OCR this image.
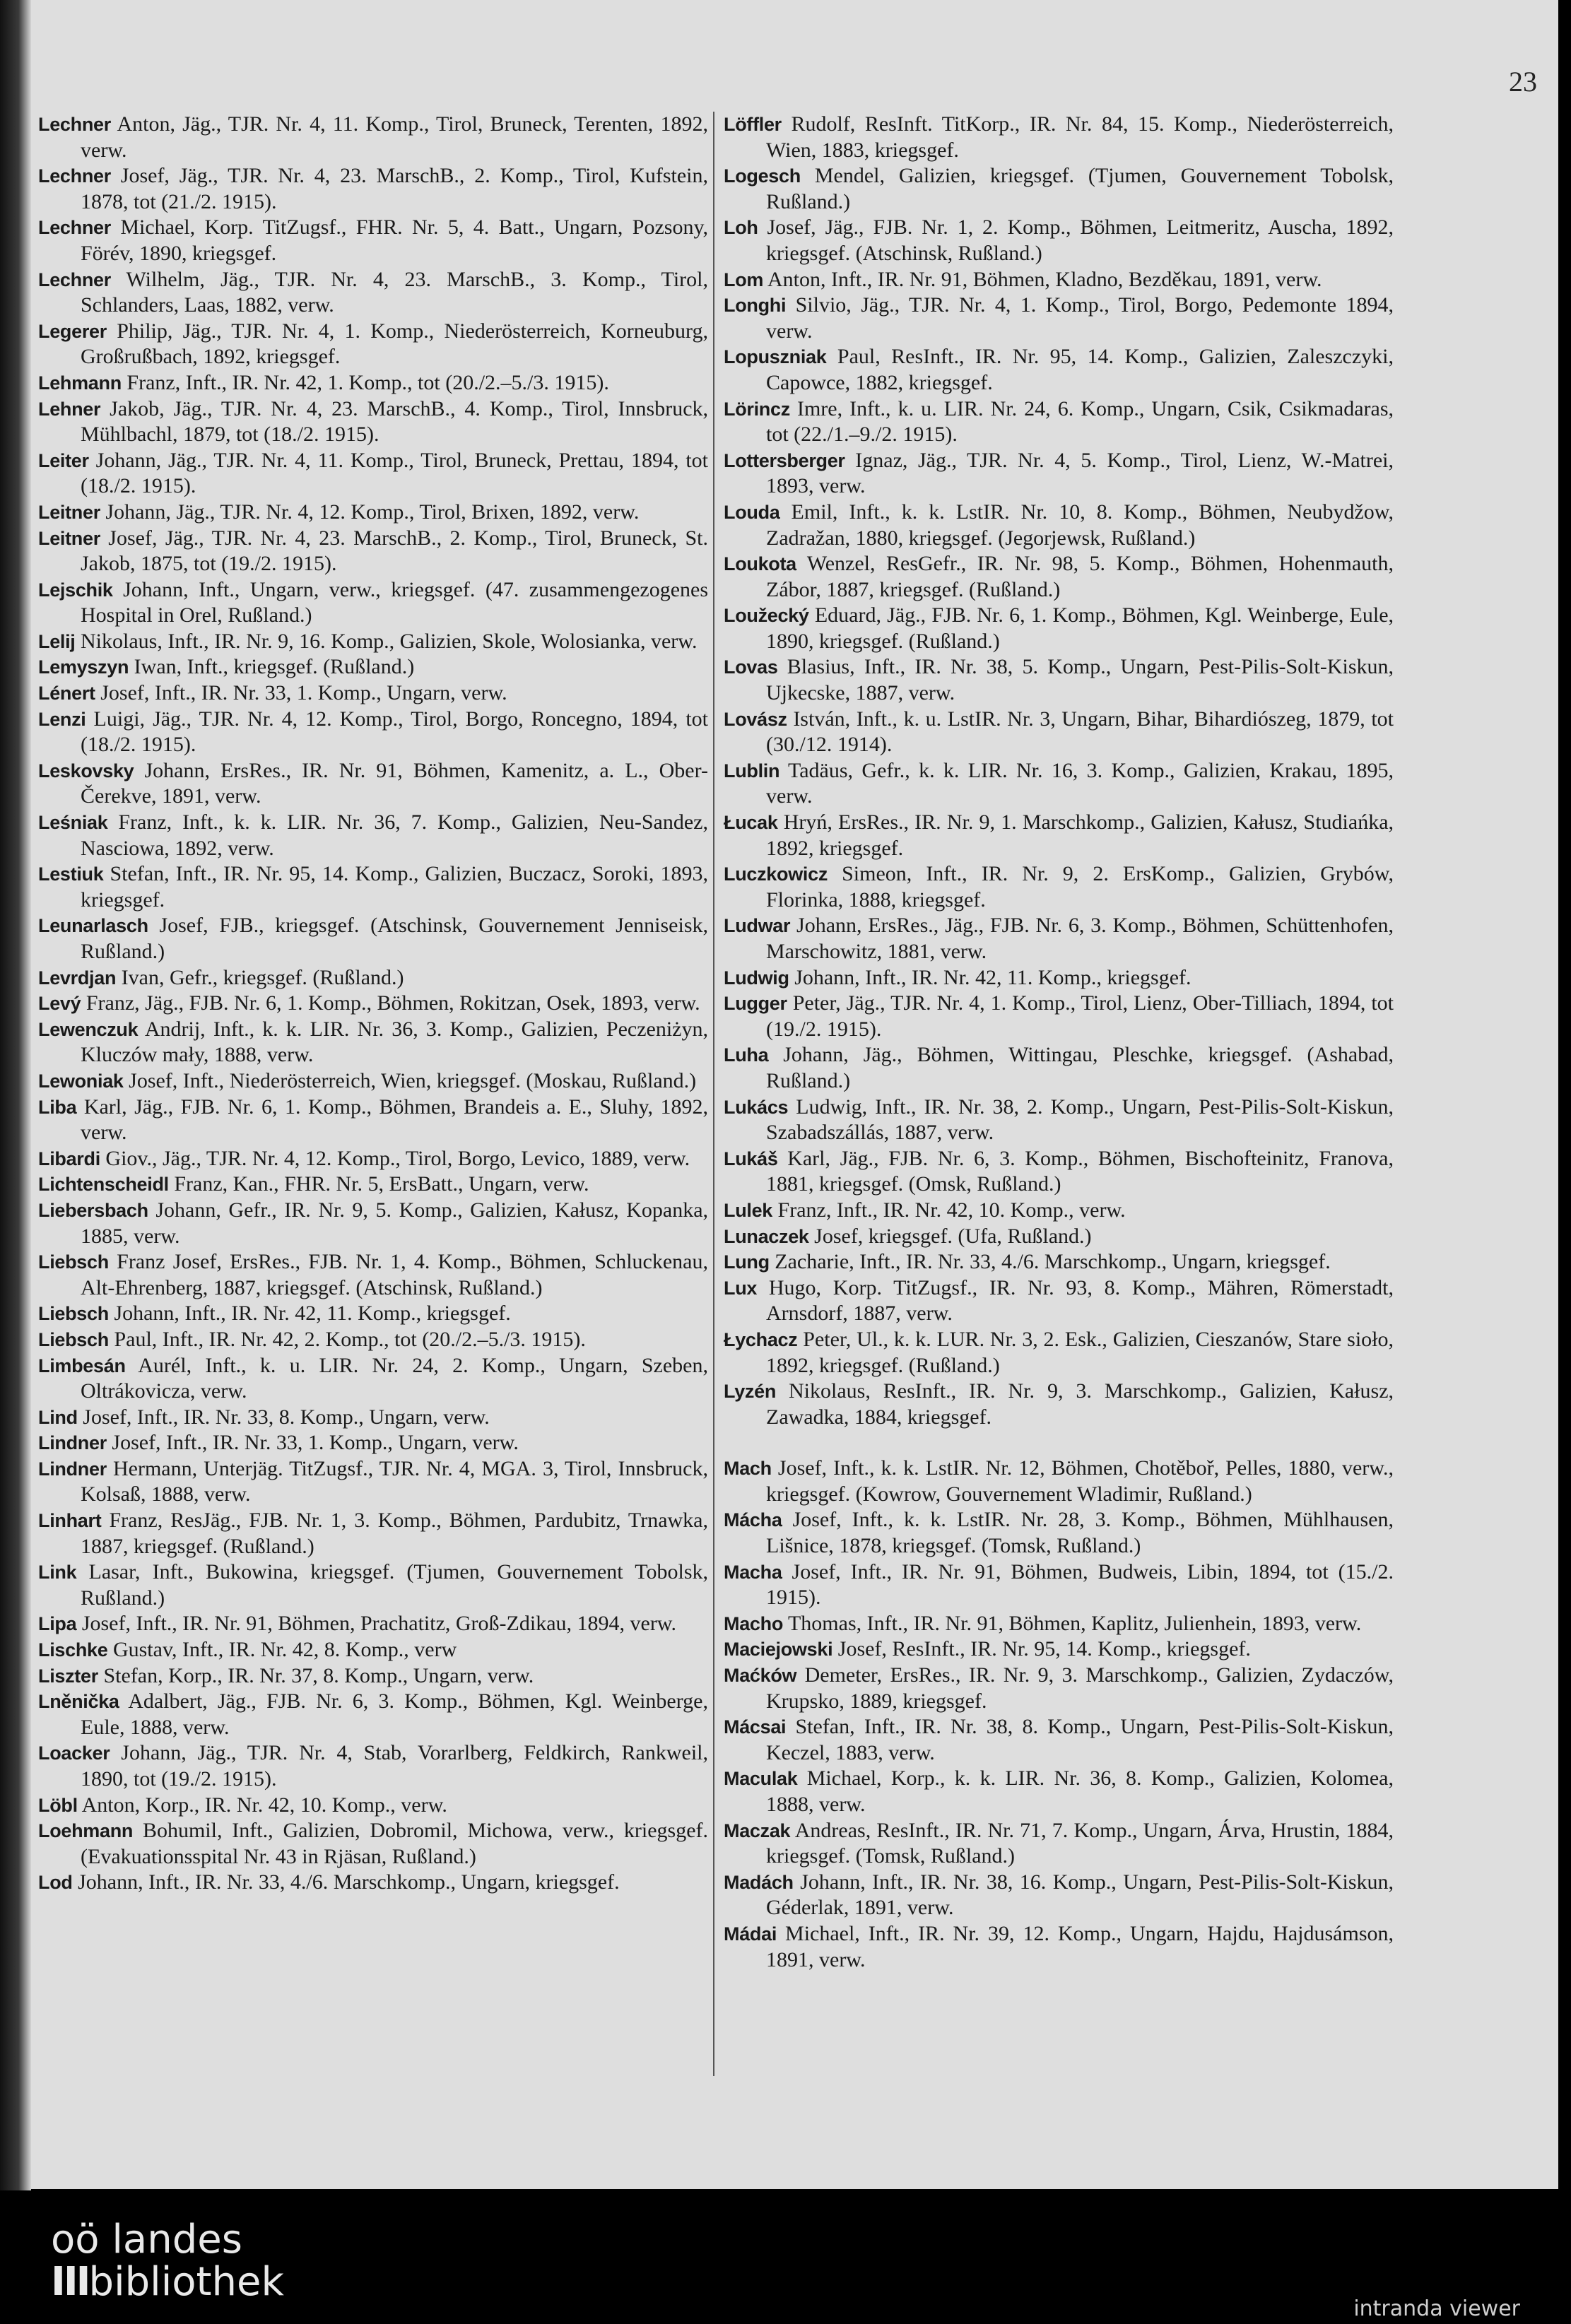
23

Lechner Anton, Jäg., TJR. Nr. 4, 11. Komp., Tirol, Bruneck, Terenten, 1892, verw.

Lechner Josef, Jäg., TJR. Nr. 4, 23. MarschB., 2. Komp., Tirol, Kufstein, 1878, tot (21./2. 1915).

Lechner Michael, Korp. TitZugsf., FHR. Nr. 5, 4. Batt., Ungarn, Pozsony, Förév, 1890, kriegsgef.

Lechner Wilhelm, Jäg., TJR. Nr. 4, 23. MarschB., 3. Komp., Tirol, Schlanders, Laas, 1882, verw.

Legerer Philip, Jäg., TJR. Nr. 4, 1. Komp., Niederösterreich, Korneuburg, Großrußbach, 1892, kriegsgef.

Lehmann Franz, Inft., IR. Nr. 42, 1. Komp., tot (20./2.–5./3. 1915).

Lehner Jakob, Jäg., TJR. Nr. 4, 23. MarschB., 4. Komp., Tirol, Innsbruck, Mühlbachl, 1879, tot (18./2. 1915).

Leiter Johann, Jäg., TJR. Nr. 4, 11. Komp., Tirol, Bruneck, Prettau, 1894, tot (18./2. 1915).

Leitner Johann, Jäg., TJR. Nr. 4, 12. Komp., Tirol, Brixen, 1892, verw.

Leitner Josef, Jäg., TJR. Nr. 4, 23. MarschB., 2. Komp., Tirol, Bruneck, St. Jakob, 1875, tot (19./2. 1915).

Lejschik Johann, Inft., Ungarn, verw., kriegsgef. (47. zusammengezogenes Hospital in Orel, Rußland.)

Lelij Nikolaus, Inft., IR. Nr. 9, 16. Komp., Galizien, Skole, Wolosianka, verw.

Lemyszyn Iwan, Inft., kriegsgef. (Rußland.)

Lénert Josef, Inft., IR. Nr. 33, 1. Komp., Ungarn, verw.

Lenzi Luigi, Jäg., TJR. Nr. 4, 12. Komp., Tirol, Borgo, Roncegno, 1894, tot (18./2. 1915).

Leskovsky Johann, ErsRes., IR. Nr. 91, Böhmen, Kamenitz, a. L., Ober-Čerekve, 1891, verw.

Leśniak Franz, Inft., k. k. LIR. Nr. 36, 7. Komp., Galizien, Neu-Sandez, Nasciowa, 1892, verw.

Lestiuk Stefan, Inft., IR. Nr. 95, 14. Komp., Galizien, Buczacz, Soroki, 1893, kriegsgef.

Leunarlasch Josef, FJB., kriegsgef. (Atschinsk, Gouvernement Jenniseisk, Rußland.)

Levrdjan Ivan, Gefr., kriegsgef. (Rußland.)

Levý Franz, Jäg., FJB. Nr. 6, 1. Komp., Böhmen, Rokitzan, Osek, 1893, verw.

Lewenczuk Andrij, Inft., k. k. LIR. Nr. 36, 3. Komp., Galizien, Peczeniżyn, Kluczów mały, 1888, verw.

Lewoniak Josef, Inft., Niederösterreich, Wien, kriegsgef. (Moskau, Rußland.)

Liba Karl, Jäg., FJB. Nr. 6, 1. Komp., Böhmen, Brandeis a. E., Sluhy, 1892, verw.

Libardi Giov., Jäg., TJR. Nr. 4, 12. Komp., Tirol, Borgo, Levico, 1889, verw.

Lichtenscheidl Franz, Kan., FHR. Nr. 5, ErsBatt., Ungarn, verw.

Liebersbach Johann, Gefr., IR. Nr. 9, 5. Komp., Galizien, Kałusz, Kopanka, 1885, verw.

Liebsch Franz Josef, ErsRes., FJB. Nr. 1, 4. Komp., Böhmen, Schluckenau, Alt-Ehrenberg, 1887, kriegsgef. (Atschinsk, Rußland.)

Liebsch Johann, Inft., IR. Nr. 42, 11. Komp., kriegsgef.

Liebsch Paul, Inft., IR. Nr. 42, 2. Komp., tot (20./2.–5./3. 1915).

Limbesán Aurél, Inft., k. u. LIR. Nr. 24, 2. Komp., Ungarn, Szeben, Oltrákovicza, verw.

Lind Josef, Inft., IR. Nr. 33, 8. Komp., Ungarn, verw.

Lindner Josef, Inft., IR. Nr. 33, 1. Komp., Ungarn, verw.

Lindner Hermann, Unterjäg. TitZugsf., TJR. Nr. 4, MGA. 3, Tirol, Innsbruck, Kolsaß, 1888, verw.

Linhart Franz, ResJäg., FJB. Nr. 1, 3. Komp., Böhmen, Pardubitz, Trnawka, 1887, kriegsgef. (Rußland.)

Link Lasar, Inft., Bukowina, kriegsgef. (Tjumen, Gouvernement Tobolsk, Rußland.)

Lipa Josef, Inft., IR. Nr. 91, Böhmen, Prachatitz, Groß-Zdikau, 1894, verw.

Lischke Gustav, Inft., IR. Nr. 42, 8. Komp., verw

Liszter Stefan, Korp., IR. Nr. 37, 8. Komp., Ungarn, verw.

Lněnička Adalbert, Jäg., FJB. Nr. 6, 3. Komp., Böhmen, Kgl. Weinberge, Eule, 1888, verw.

Loacker Johann, Jäg., TJR. Nr. 4, Stab, Vorarlberg, Feldkirch, Rankweil, 1890, tot (19./2. 1915).

Löbl Anton, Korp., IR. Nr. 42, 10. Komp., verw.

Loehmann Bohumil, Inft., Galizien, Dobromil, Michowa, verw., kriegsgef. (Evakuationsspital Nr. 43 in Rjäsan, Rußland.)

Lod Johann, Inft., IR. Nr. 33, 4./6. Marschkomp., Ungarn, kriegsgef.

Löffler Rudolf, ResInft. TitKorp., IR. Nr. 84, 15. Komp., Niederösterreich, Wien, 1883, kriegsgef.

Logesch Mendel, Galizien, kriegsgef. (Tjumen, Gouvernement Tobolsk, Rußland.)

Loh Josef, Jäg., FJB. Nr. 1, 2. Komp., Böhmen, Leitmeritz, Auscha, 1892, kriegsgef. (Atschinsk, Rußland.)

Lom Anton, Inft., IR. Nr. 91, Böhmen, Kladno, Bezděkau, 1891, verw.

Longhi Silvio, Jäg., TJR. Nr. 4, 1. Komp., Tirol, Borgo, Pedemonte 1894, verw.

Lopuszniak Paul, ResInft., IR. Nr. 95, 14. Komp., Galizien, Zaleszczyki, Capowce, 1882, kriegsgef.

Lörincz Imre, Inft., k. u. LIR. Nr. 24, 6. Komp., Ungarn, Csik, Csikmadaras, tot (22./1.–9./2. 1915).

Lottersberger Ignaz, Jäg., TJR. Nr. 4, 5. Komp., Tirol, Lienz, W.-Matrei, 1893, verw.

Louda Emil, Inft., k. k. LstIR. Nr. 10, 8. Komp., Böhmen, Neubydžow, Zadražan, 1880, kriegsgef. (Jegorjewsk, Rußland.)

Loukota Wenzel, ResGefr., IR. Nr. 98, 5. Komp., Böhmen, Hohenmauth, Zábor, 1887, kriegsgef. (Rußland.)

Loužecký Eduard, Jäg., FJB. Nr. 6, 1. Komp., Böhmen, Kgl. Weinberge, Eule, 1890, kriegsgef. (Rußland.)

Lovas Blasius, Inft., IR. Nr. 38, 5. Komp., Ungarn, Pest-Pilis-Solt-Kiskun, Ujkecske, 1887, verw.

Lovász István, Inft., k. u. LstIR. Nr. 3, Ungarn, Bihar, Bihardiószeg, 1879, tot (30./12. 1914).

Lublin Tadäus, Gefr., k. k. LIR. Nr. 16, 3. Komp., Galizien, Krakau, 1895, verw.

Łucak Hryń, ErsRes., IR. Nr. 9, 1. Marschkomp., Galizien, Kałusz, Studiańka, 1892, kriegsgef.

Luczkowicz Simeon, Inft., IR. Nr. 9, 2. ErsKomp., Galizien, Grybów, Florinka, 1888, kriegsgef.

Ludwar Johann, ErsRes., Jäg., FJB. Nr. 6, 3. Komp., Böhmen, Schüttenhofen, Marschowitz, 1881, verw.

Ludwig Johann, Inft., IR. Nr. 42, 11. Komp., kriegsgef.

Lugger Peter, Jäg., TJR. Nr. 4, 1. Komp., Tirol, Lienz, Ober-Tilliach, 1894, tot (19./2. 1915).

Luha Johann, Jäg., Böhmen, Wittingau, Pleschke, kriegsgef. (Ashabad, Rußland.)

Lukács Ludwig, Inft., IR. Nr. 38, 2. Komp., Ungarn, Pest-Pilis-Solt-Kiskun, Szabadszállás, 1887, verw.

Lukáš Karl, Jäg., FJB. Nr. 6, 3. Komp., Böhmen, Bischofteinitz, Franova, 1881, kriegsgef. (Omsk, Rußland.)

Lulek Franz, Inft., IR. Nr. 42, 10. Komp., verw.

Lunaczek Josef, kriegsgef. (Ufa, Rußland.)

Lung Zacharie, Inft., IR. Nr. 33, 4./6. Marschkomp., Ungarn, kriegsgef.

Lux Hugo, Korp. TitZugsf., IR. Nr. 93, 8. Komp., Mähren, Römerstadt, Arnsdorf, 1887, verw.

Łychacz Peter, Ul., k. k. LUR. Nr. 3, 2. Esk., Galizien, Cieszanów, Stare sioło, 1892, kriegsgef. (Rußland.)

Lyzén Nikolaus, ResInft., IR. Nr. 9, 3. Marschkomp., Galizien, Kałusz, Zawadka, 1884, kriegsgef.

Mach Josef, Inft., k. k. LstIR. Nr. 12, Böhmen, Chotěboř, Pelles, 1880, verw., kriegsgef. (Kowrow, Gouvernement Wladimir, Rußland.)

Mácha Josef, Inft., k. k. LstIR. Nr. 28, 3. Komp., Böhmen, Mühlhausen, Lišnice, 1878, kriegsgef. (Tomsk, Rußland.)

Macha Josef, Inft., IR. Nr. 91, Böhmen, Budweis, Libin, 1894, tot (15./2. 1915).

Macho Thomas, Inft., IR. Nr. 91, Böhmen, Kaplitz, Julienhein, 1893, verw.

Maciejowski Josef, ResInft., IR. Nr. 95, 14. Komp., kriegsgef.

Maćków Demeter, ErsRes., IR. Nr. 9, 3. Marschkomp., Galizien, Zydaczów, Krupsko, 1889, kriegsgef.

Mácsai Stefan, Inft., IR. Nr. 38, 8. Komp., Ungarn, Pest-Pilis-Solt-Kiskun, Keczel, 1883, verw.

Maculak Michael, Korp., k. k. LIR. Nr. 36, 8. Komp., Galizien, Kolomea, 1888, verw.

Maczak Andreas, ResInft., IR. Nr. 71, 7. Komp., Ungarn, Árva, Hrustin, 1884, kriegsgef. (Tomsk, Rußland.)

Madách Johann, Inft., IR. Nr. 38, 16. Komp., Ungarn, Pest-Pilis-Solt-Kiskun, Géderlak, 1891, verw.

Mádai Michael, Inft., IR. Nr. 39, 12. Komp., Ungarn, Hajdu, Hajdusámson, 1891, verw.

oö landes
IIIbibliothek
intranda viewer
